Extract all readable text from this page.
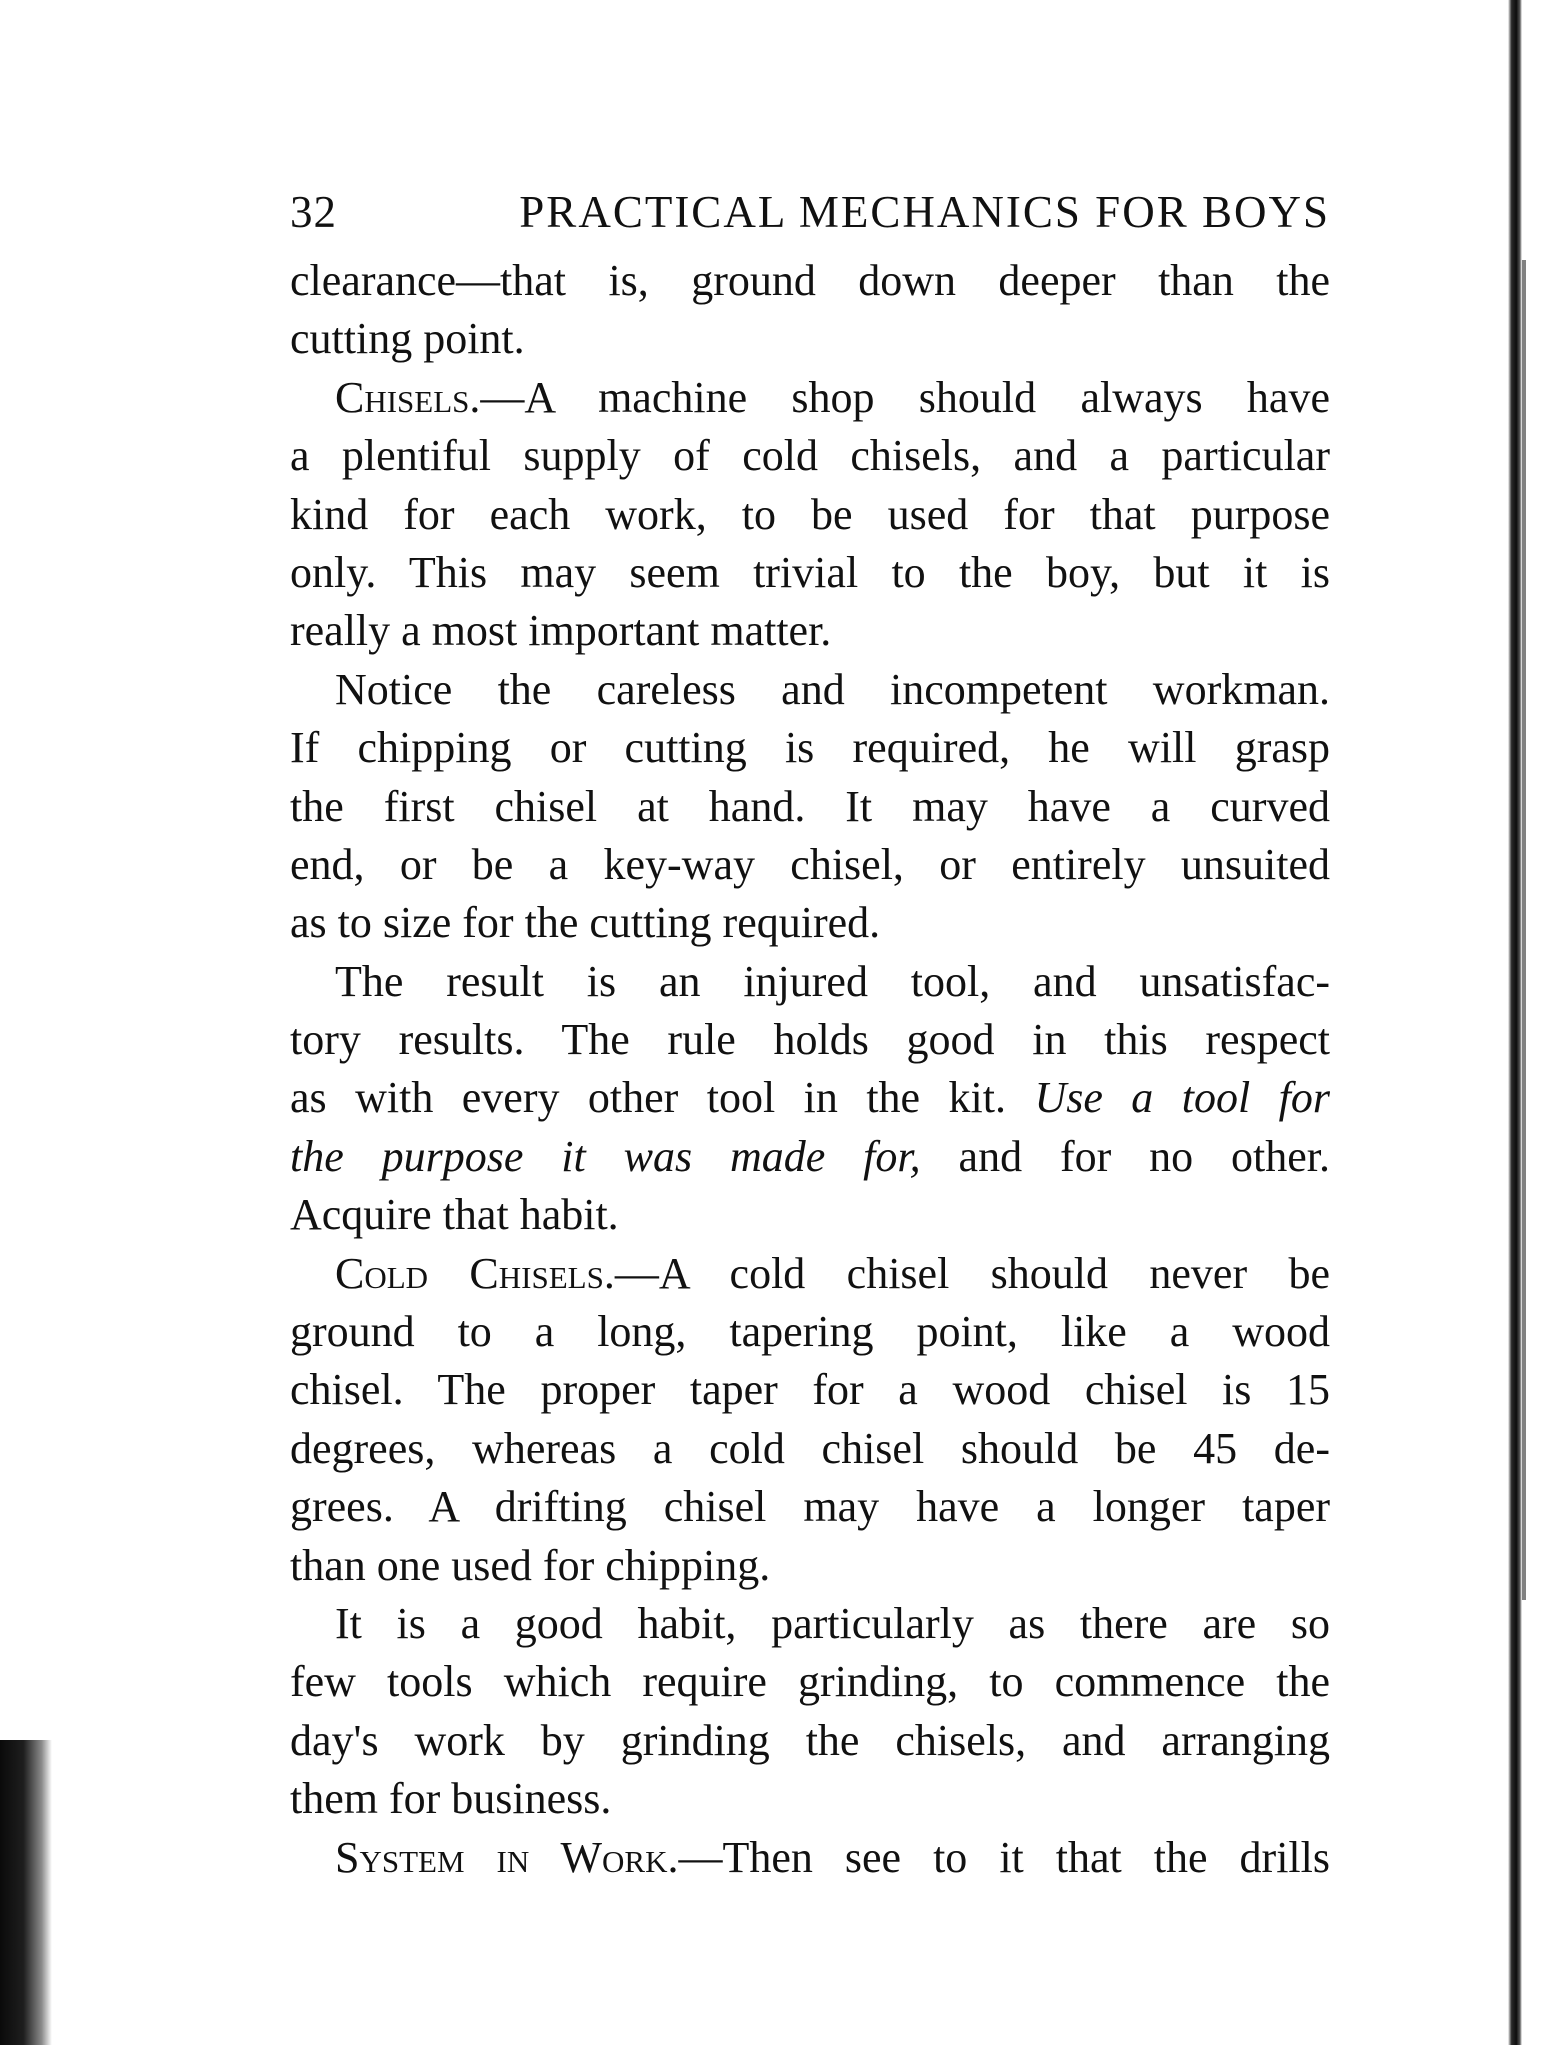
32	PRACTICAL MECHANICS FOR BOYS
clearance—that is, ground down deeper than the
cutting point.
Chisels.—A machine shop should always have
a plentiful supply of cold chisels, and a particular
kind for each work, to be used for that purpose
only. This may seem trivial to the boy, but it is
really a most important matter.
Notice the careless and incompetent workman.
If chipping or cutting is required, he will grasp
the first chisel at hand. It may have a curved
end, or be a key-way chisel, or entirely unsuited
as to size for the cutting required.
The result is an injured tool, and unsatisfac-
tory results. The rule holds good in this respect
as with every other tool in the kit. Use a tool for
the purpose it was made for, and for no other.
Acquire that habit.
Cold Chisels.—A cold chisel should never be
ground to a long, tapering point, like a wood
chisel. The proper taper for a wood chisel is 15
degrees, whereas a cold chisel should be 45 de-
grees. A drifting chisel may have a longer taper
than one used for chipping.
It is a good habit, particularly as there are so
few tools which require grinding, to commence the
day's work by grinding the chisels, and arranging
them for business.
System in Work.—Then see to it that the drills
